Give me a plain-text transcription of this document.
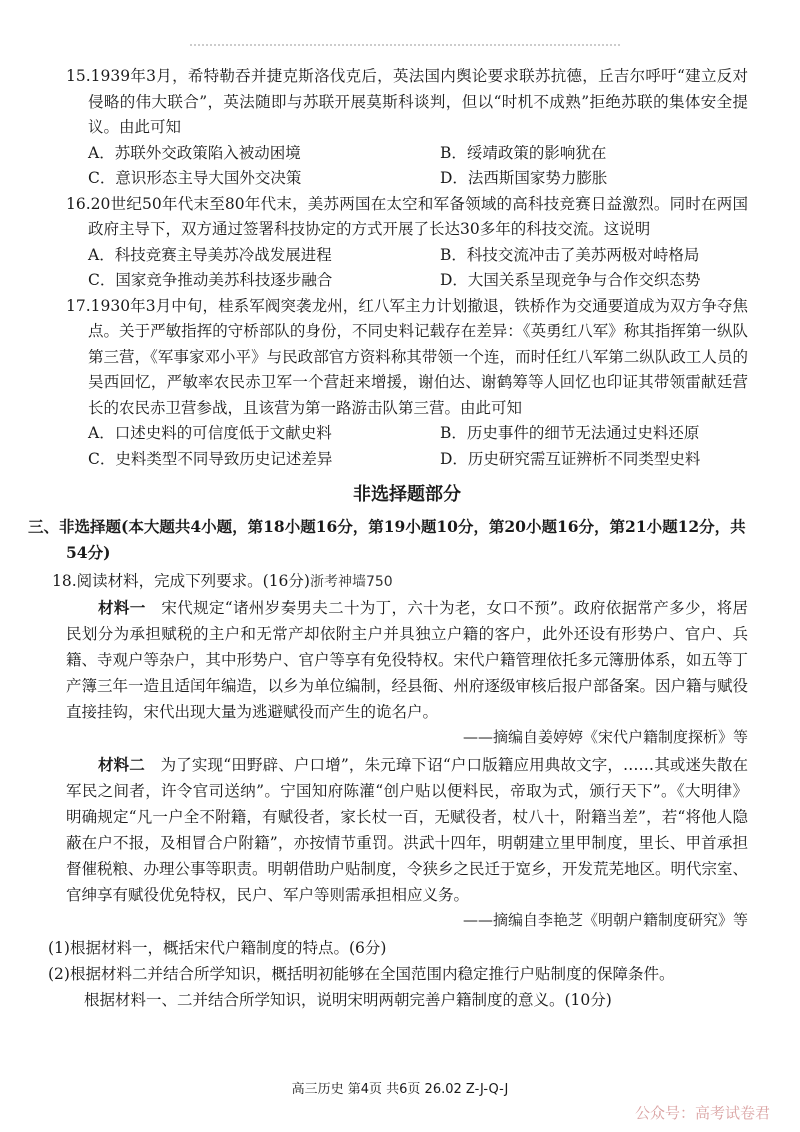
15.1939年3月，希特勒吞并捷克斯洛伐克后，英法国内舆论要求联苏抗德，丘吉尔呼吁“建立反对侵略的伟大联合”，英法随即与苏联开展莫斯科谈判，但以“时机不成熟”拒绝苏联的集体安全提议。由此可知
A．苏联外交政策陷入被动困境	B．绥靖政策的影响犹在
C．意识形态主导大国外交决策	D．法西斯国家势力膨胀
16.20世纪50年代末至80年代末，美苏两国在太空和军备领域的高科技竞赛日益激烈。同时在两国政府主导下，双方通过签署科技协定的方式开展了长达30多年的科技交流。这说明
A．科技竞赛主导美苏冷战发展进程	B．科技交流冲击了美苏两极对峙格局
C．国家竞争推动美苏科技逐步融合	D．大国关系呈现竞争与合作交织态势
17.1930年3月中旬，桂系军阀突袭龙州，红八军主力计划撤退，铁桥作为交通要道成为双方争夺焦点。关于严敏指挥的守桥部队的身份，不同史料记载存在差异：《英勇红八军》称其指挥第一纵队第三营，《军事家邓小平》与民政部官方资料称其带领一个连，而时任红八军第二纵队政工人员的吴西回忆，严敏率农民赤卫军一个营赶来增援，谢伯达、谢鹤筹等人回忆也印证其带领雷献廷营长的农民赤卫营参战，且该营为第一路游击队第三营。由此可知
A．口述史料的可信度低于文献史料	B．历史事件的细节无法通过史料还原
C．史料类型不同导致历史记述差异	D．历史研究需互证辨析不同类型史料
非选择题部分

三、非选择题(本大题共4小题，第18小题16分，第19小题10分，第20小题16分，第21小题12分，共54分)

18.阅读材料，完成下列要求。(16分)浙考神墙750

材料一　 宋代规定“诸州岁奏男夫二十为丁，六十为老，女口不预”。政府依据常产多少，将居民划分为承担赋税的主户和无常产却依附主户并具独立户籍的客户，此外还设有形势户、官户、兵籍、寺观户等杂户，其中形势户、官户等享有免役特权。宋代户籍管理依托多元簿册体系，如五等丁产簿三年一造且适闰年编造，以乡为单位编制，经县衙、州府逐级审核后报户部备案。因户籍与赋役直接挂钩，宋代出现大量为逃避赋役而产生的诡名户。

——摘编自姜婷婷《宋代户籍制度探析》等

材料二　 为了实现“田野辟、户口增”，朱元璋下诏“户口版籍应用典故文字，……其或迷失散在军民之间者，许令官司送纳”。宁国知府陈灌“创户贴以便料民，帝取为式，颁行天下”。《大明律》明确规定“凡一户全不附籍，有赋役者，家长杖一百，无赋役者，杖八十，附籍当差”，若“将他人隐蔽在户不报，及相冒合户附籍”，亦按情节重罚。洪武十四年，明朝建立里甲制度，里长、甲首承担督催税粮、办理公事等职责。明朝借助户贴制度，令狭乡之民迁于宽乡，开发荒芜地区。明代宗室、官绅享有赋役优免特权，民户、军户等则需承担相应义务。

——摘编自李艳芝《明朝户籍制度研究》等

(1)根据材料一，概括宋代户籍制度的特点。(6分)

(2)根据材料二并结合所学知识，概括明初能够在全国范围内稳定推行户贴制度的保障条件。

根据材料一、二并结合所学知识，说明宋明两朝完善户籍制度的意义。(10分)

高三历史 第4页 共6页 26.02 Z-J-Q-J
公众号：高考试卷君
